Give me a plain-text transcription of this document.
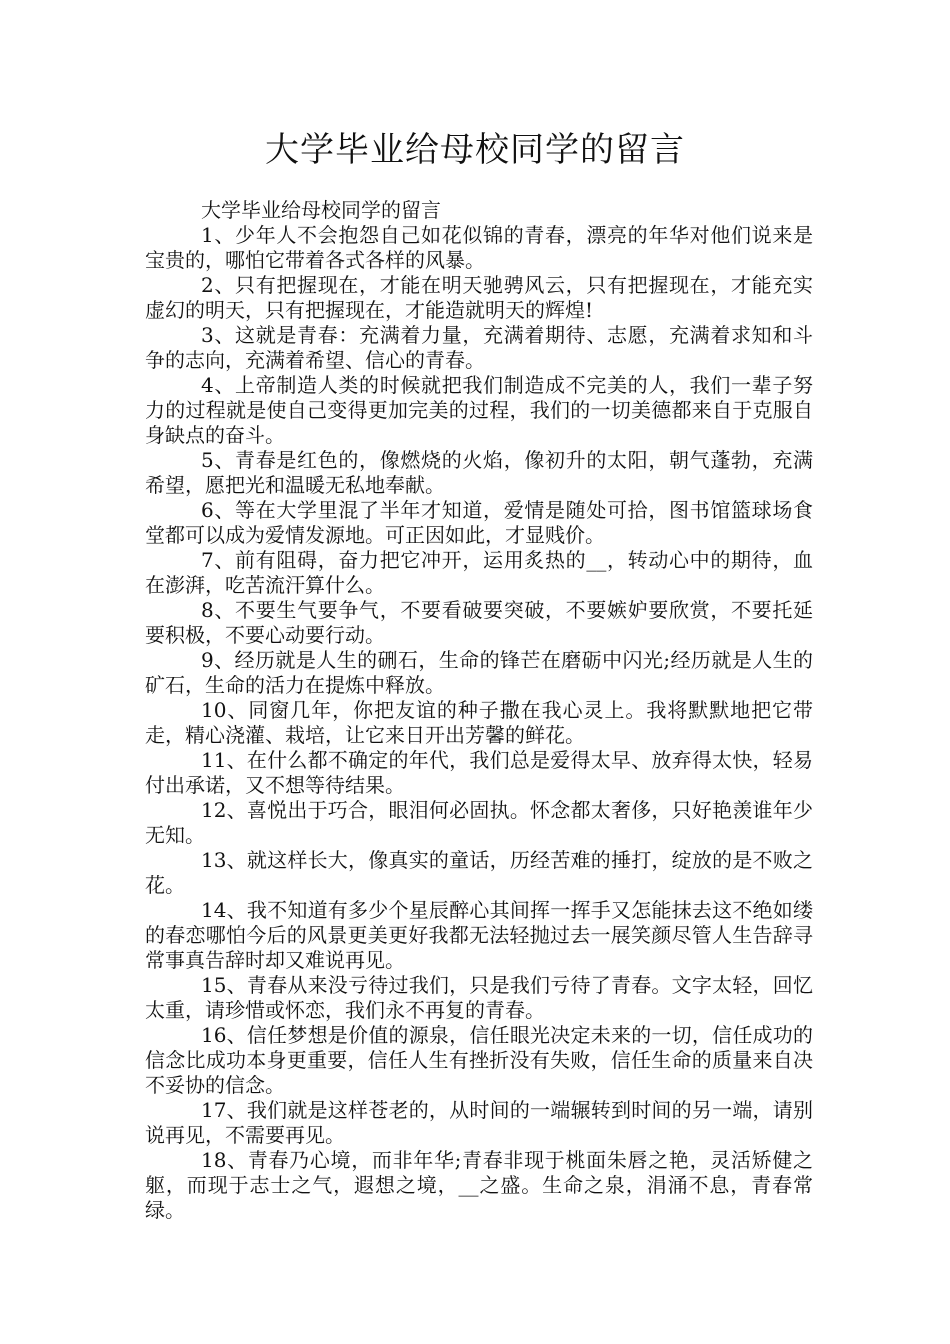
大学毕业给母校同学的留言

大学毕业给母校同学的留言

1、少年人不会抱怨自己如花似锦的青春，漂亮的年华对他们说来是宝贵的，哪怕它带着各式各样的风暴。

2、只有把握现在，才能在明天驰骋风云，只有把握现在，才能充实虚幻的明天，只有把握现在，才能造就明天的辉煌!

3、这就是青春：充满着力量，充满着期待、志愿，充满着求知和斗争的志向，充满着希望、信心的青春。

4、上帝制造人类的时候就把我们制造成不完美的人，我们一辈子努力的过程就是使自己变得更加完美的过程，我们的一切美德都来自于克服自身缺点的奋斗。

5、青春是红色的，像燃烧的火焰，像初升的太阳，朝气蓬勃，充满希望，愿把光和温暖无私地奉献。

6、等在大学里混了半年才知道，爱情是随处可拾，图书馆篮球场食堂都可以成为爱情发源地。可正因如此，才显贱价。

7、前有阻碍，奋力把它冲开，运用炙热的__，转动心中的期待，血在澎湃，吃苦流汗算什么。

8、不要生气要争气，不要看破要突破，不要嫉妒要欣赏，不要托延要积极，不要心动要行动。

9、经历就是人生的硎石，生命的锋芒在磨砺中闪光;经历就是人生的矿石，生命的活力在提炼中释放。

10、同窗几年，你把友谊的种子撒在我心灵上。我将默默地把它带走，精心浇灌、栽培，让它来日开出芳馨的鲜花。

11、在什么都不确定的年代，我们总是爱得太早、放弃得太快，轻易付出承诺，又不想等待结果。

12、喜悦出于巧合，眼泪何必固执。怀念都太奢侈，只好艳羡谁年少无知。

13、就这样长大，像真实的童话，历经苦难的捶打，绽放的是不败之花。

14、我不知道有多少个星辰醉心其间挥一挥手又怎能抹去这不绝如缕的春恋哪怕今后的风景更美更好我都无法轻抛过去一展笑颜尽管人生告辞寻常事真告辞时却又难说再见。

15、青春从来没亏待过我们，只是我们亏待了青春。文字太轻，回忆太重，请珍惜或怀恋，我们永不再复的青春。

16、信任梦想是价值的源泉，信任眼光决定未来的一切，信任成功的信念比成功本身更重要，信任人生有挫折没有失败，信任生命的质量来自决不妥协的信念。

17、我们就是这样苍老的，从时间的一端辗转到时间的另一端，请别说再见，不需要再见。

18、青春乃心境，而非年华;青春非现于桃面朱唇之艳，灵活矫健之躯，而现于志士之气，遐想之境，__之盛。生命之泉，涓涌不息，青春常绿。
